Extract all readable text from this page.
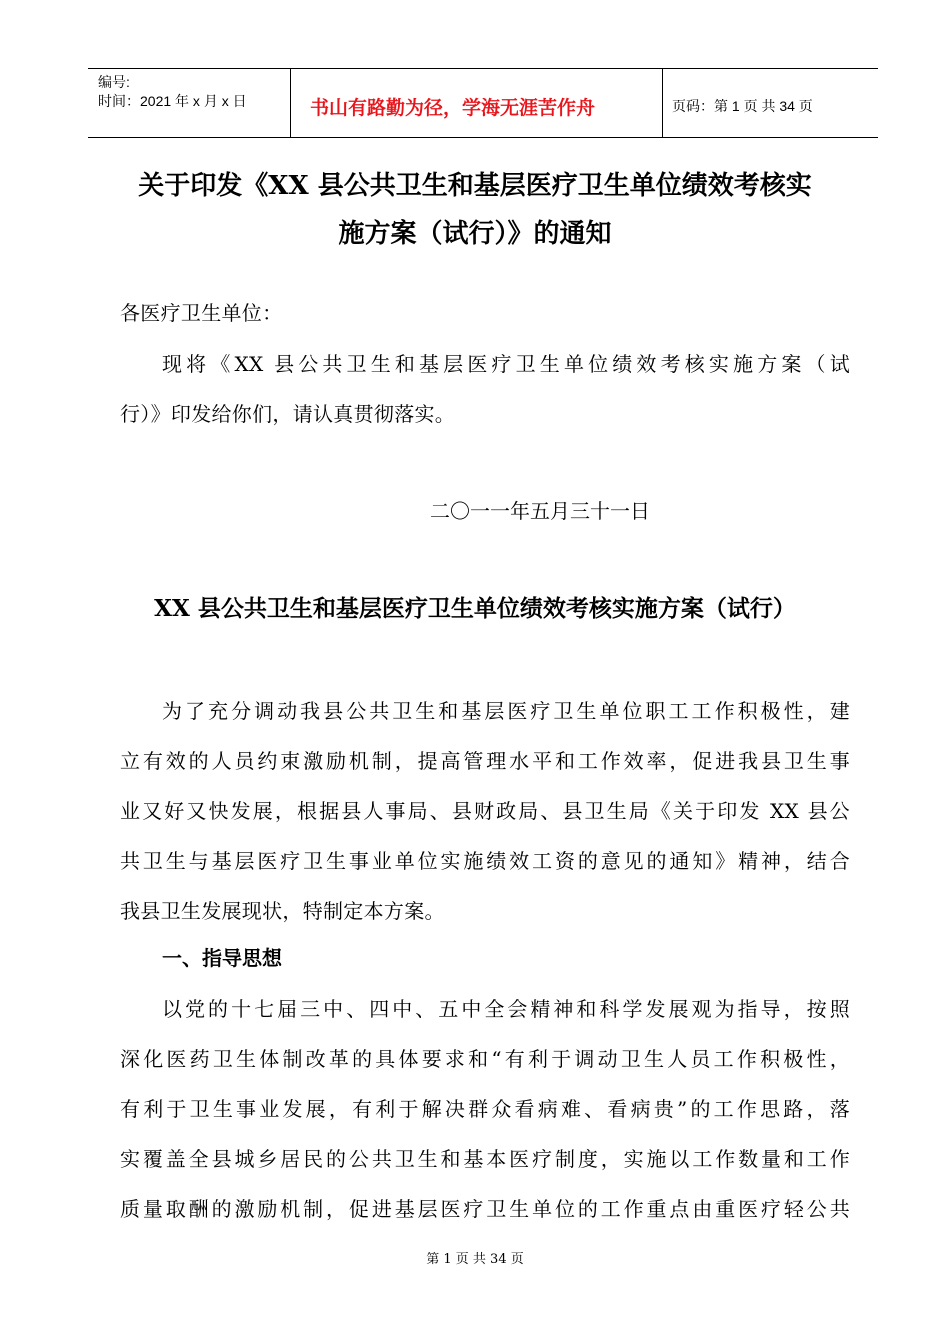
编号:
时间：2021 年 x 月 x 日	书山有路勤为径，学海无涯苦作舟	页码：第 1 页 共 34 页
关于印发《XX 县公共卫生和基层医疗卫生单位绩效考核实
施方案（试行）》的通知
各医疗卫生单位：
现将《XX 县公共卫生和基层医疗卫生单位绩效考核实施方案（试
行）》印发给你们，请认真贯彻落实。
二〇一一年五月三十一日
XX 县公共卫生和基层医疗卫生单位绩效考核实施方案（试行）
为了充分调动我县公共卫生和基层医疗卫生单位职工工作积极性，建
立有效的人员约束激励机制，提高管理水平和工作效率，促进我县卫生事
业又好又快发展，根据县人事局、县财政局、县卫生局《关于印发 XX 县公
共卫生与基层医疗卫生事业单位实施绩效工资的意见的通知》精神，结合
我县卫生发展现状，特制定本方案。
一、指导思想
以党的十七届三中、四中、五中全会精神和科学发展观为指导，按照
深化医药卫生体制改革的具体要求和“有利于调动卫生人员工作积极性，
有利于卫生事业发展，有利于解决群众看病难、看病贵”的工作思路，落
实覆盖全县城乡居民的公共卫生和基本医疗制度，实施以工作数量和工作
质量取酬的激励机制，促进基层医疗卫生单位的工作重点由重医疗轻公共
第 1 页 共 34 页
